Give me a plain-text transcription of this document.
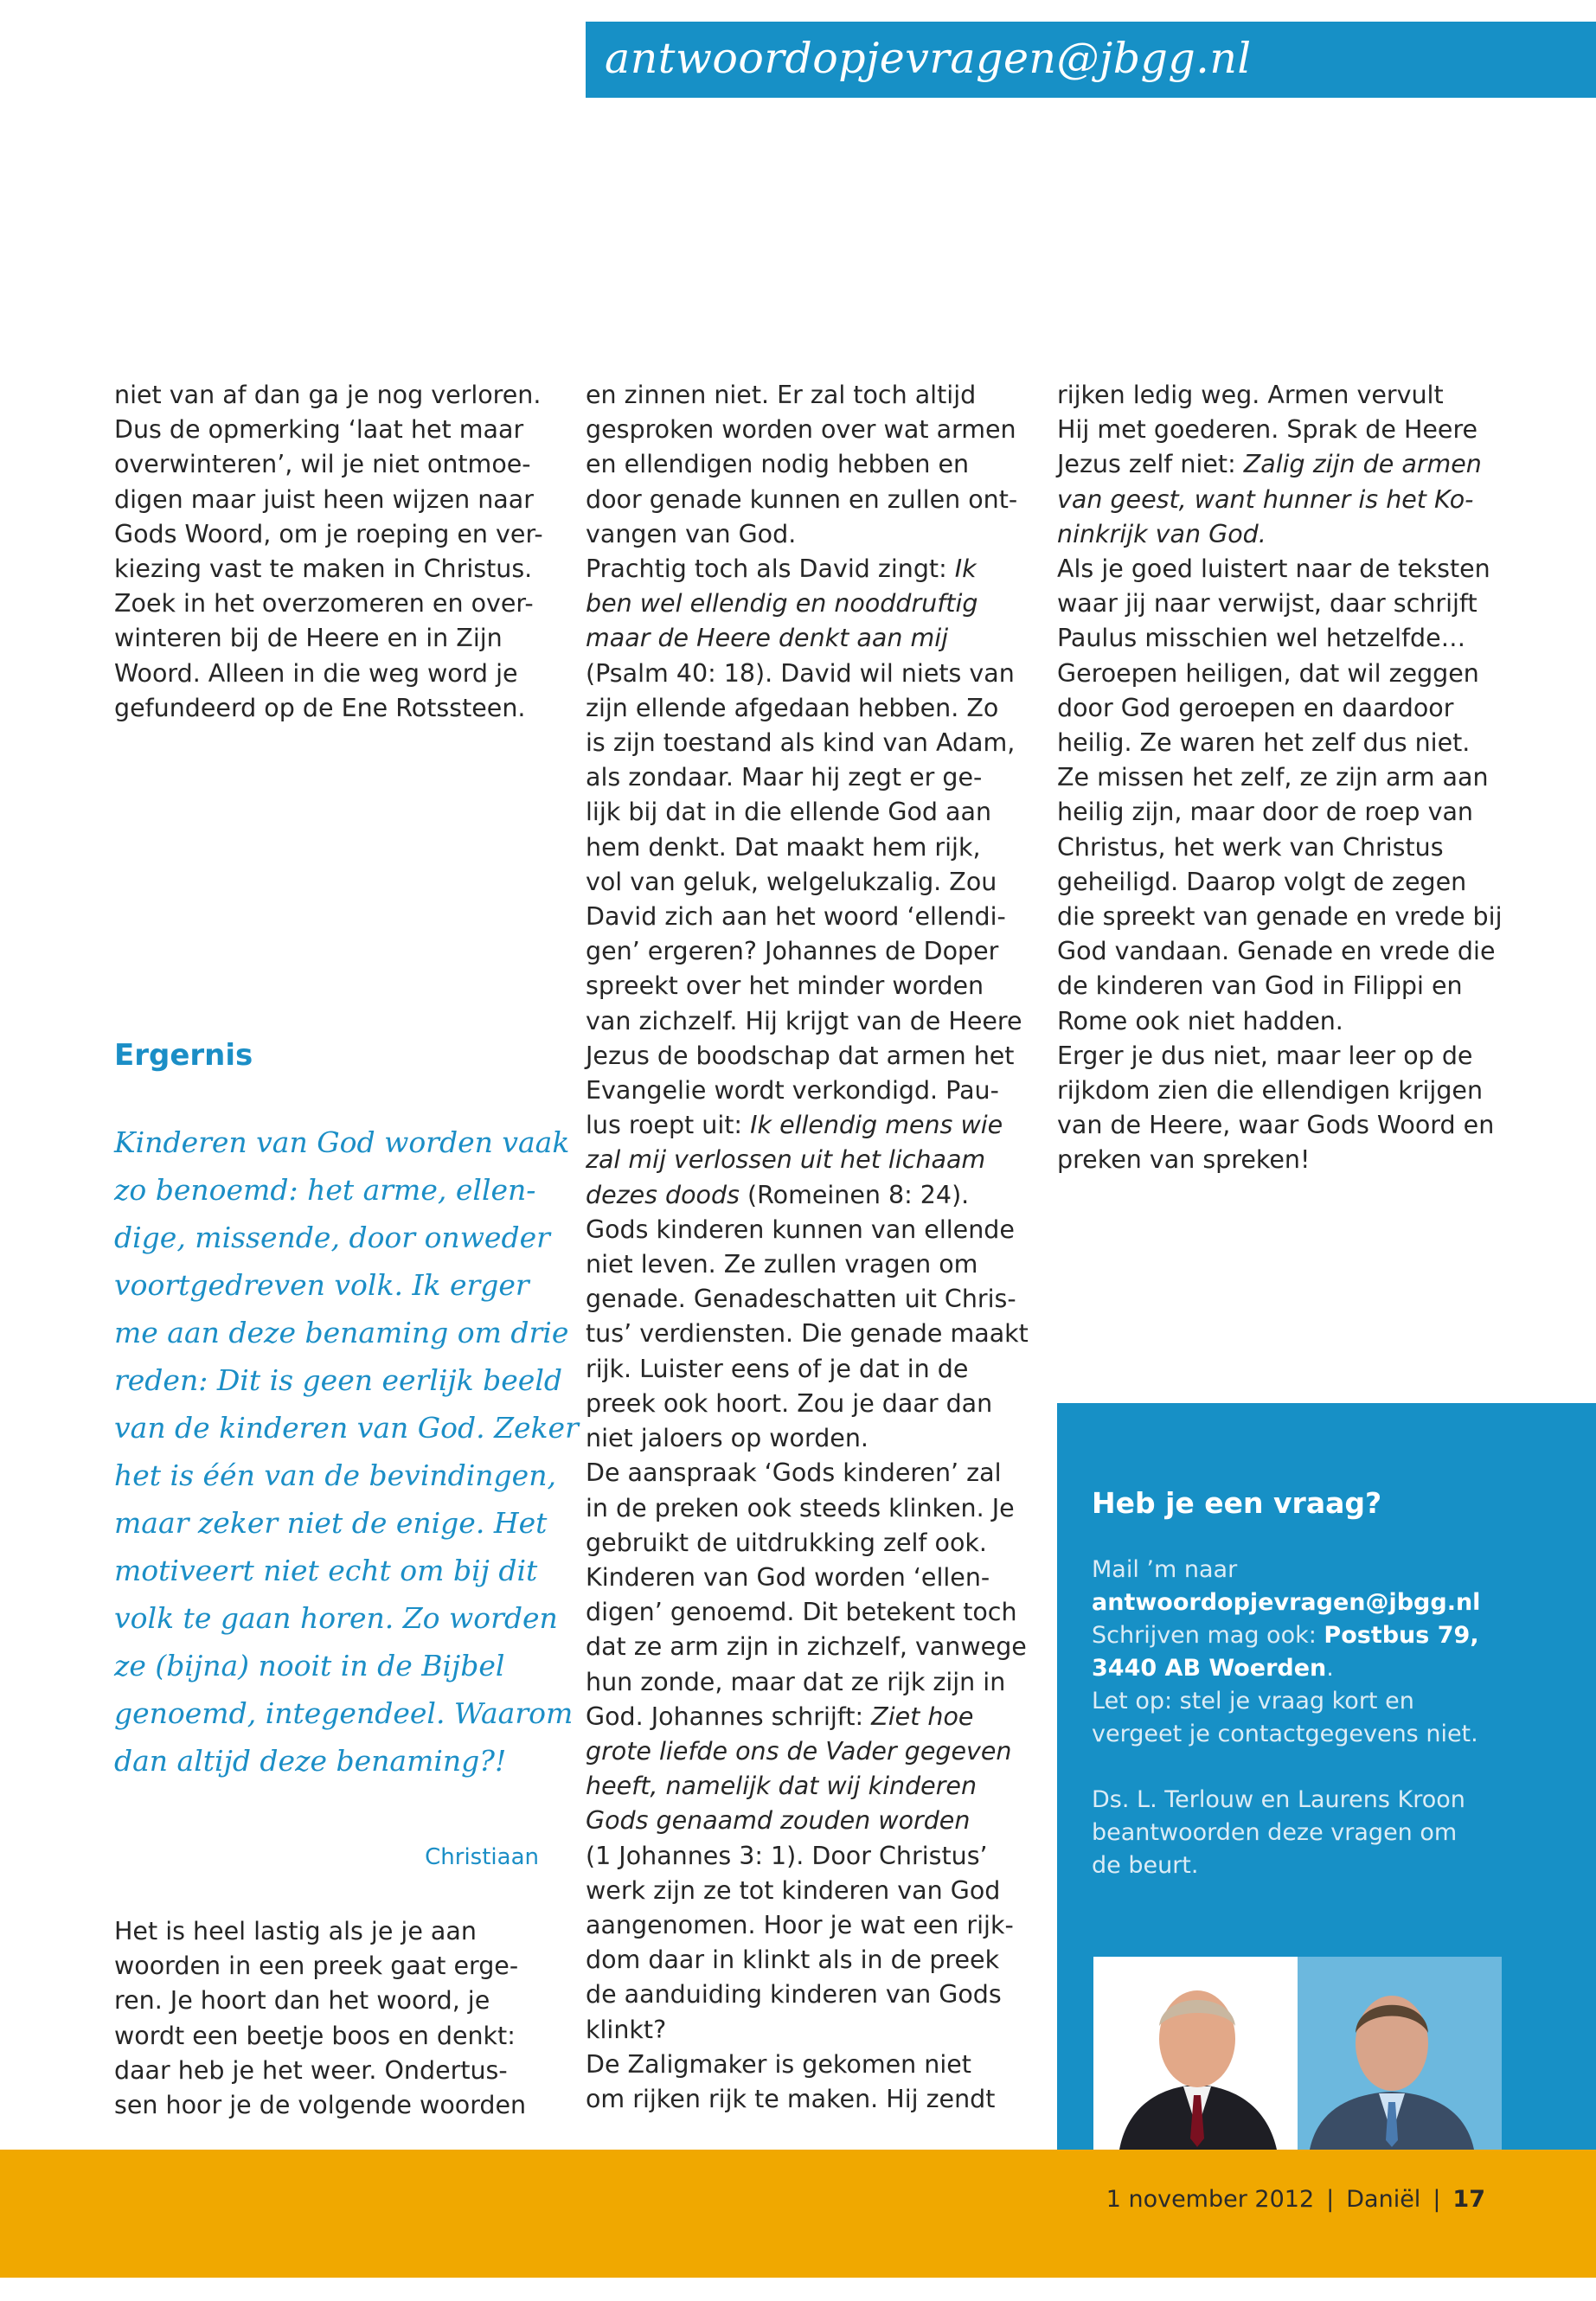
antwoordopjevragen@jbgg.nl
niet van af dan ga je nog verloren.
Dus de opmerking ‘laat het maar
overwinteren’, wil je niet ontmoe-
digen maar juist heen wijzen naar
Gods Woord, om je roeping en ver-
kiezing vast te maken in Christus.
Zoek in het overzomeren en over-
winteren bij de Heere en in Zijn
Woord. Alleen in die weg word je
gefundeerd op de Ene Rotssteen.
Ergernis
Kinderen van God worden vaak
zo benoemd: het arme, ellen-
dige, missende, door onweder
voortgedreven volk. Ik erger
me aan deze benaming om drie
reden: Dit is geen eerlijk beeld
van de kinderen van God. Zeker
het is één van de bevindingen,
maar zeker niet de enige. Het
motiveert niet echt om bij dit
volk te gaan horen. Zo worden
ze (bijna) nooit in de Bijbel
genoemd, integendeel. Waarom
dan altijd deze benaming?!
Christiaan
Het is heel lastig als je je aan
woorden in een preek gaat erge-
ren. Je hoort dan het woord, je
wordt een beetje boos en denkt:
daar heb je het weer. Ondertus-
sen hoor je de volgende woorden
en zinnen niet. Er zal toch altijd
gesproken worden over wat armen
en ellendigen nodig hebben en
door genade kunnen en zullen ont-
vangen van God.
Prachtig toch als David zingt: Ik
ben wel ellendig en nooddruftig
maar de Heere denkt aan mij
(Psalm 40: 18). David wil niets van
zijn ellende afgedaan hebben. Zo
is zijn toestand als kind van Adam,
als zondaar. Maar hij zegt er ge-
lijk bij dat in die ellende God aan
hem denkt. Dat maakt hem rijk,
vol van geluk, welgelukzalig. Zou
David zich aan het woord ‘ellendi-
gen’ ergeren? Johannes de Doper
spreekt over het minder worden
van zichzelf. Hij krijgt van de Heere
Jezus de boodschap dat armen het
Evangelie wordt verkondigd. Pau-
lus roept uit: Ik ellendig mens wie
zal mij verlossen uit het lichaam
dezes doods (Romeinen 8: 24).
Gods kinderen kunnen van ellende
niet leven. Ze zullen vragen om
genade. Genadeschatten uit Chris-
tus’ verdiensten. Die genade maakt
rijk. Luister eens of je dat in de
preek ook hoort. Zou je daar dan
niet jaloers op worden.
De aanspraak ‘Gods kinderen’ zal
in de preken ook steeds klinken. Je
gebruikt de uitdrukking zelf ook.
Kinderen van God worden ‘ellen-
digen’ genoemd. Dit betekent toch
dat ze arm zijn in zichzelf, vanwege
hun zonde, maar dat ze rijk zijn in
God. Johannes schrijft: Ziet hoe
grote liefde ons de Vader gegeven
heeft, namelijk dat wij kinderen
Gods genaamd zouden worden
(1 Johannes 3: 1). Door Christus’
werk zijn ze tot kinderen van God
aangenomen. Hoor je wat een rijk-
dom daar in klinkt als in de preek
de aanduiding kinderen van Gods
klinkt?
De Zaligmaker is gekomen niet
om rijken rijk te maken. Hij zendt
rijken ledig weg. Armen vervult
Hij met goederen. Sprak de Heere
Jezus zelf niet: Zalig zijn de armen
van geest, want hunner is het Ko-
ninkrijk van God.
Als je goed luistert naar de teksten
waar jij naar verwijst, daar schrijft
Paulus misschien wel hetzelfde…
Geroepen heiligen, dat wil zeggen
door God geroepen en daardoor
heilig. Ze waren het zelf dus niet.
Ze missen het zelf, ze zijn arm aan
heilig zijn, maar door de roep van
Christus, het werk van Christus
geheiligd. Daarop volgt de zegen
die spreekt van genade en vrede bij
God vandaan. Genade en vrede die
de kinderen van God in Filippi en
Rome ook niet hadden.
Erger je dus niet, maar leer op de
rijkdom zien die ellendigen krijgen
van de Heere, waar Gods Woord en
preken van spreken!
Heb je een vraag?
Mail ’m naar
antwoordopjevragen@jbgg.nl
Schrijven mag ook: Postbus 79,
3440 AB Woerden.
Let op: stel je vraag kort en
vergeet je contactgegevens niet.
Ds. L. Terlouw en Laurens Kroon
beantwoorden deze vragen om
de beurt.
1 november 2012 | Daniël | 17
